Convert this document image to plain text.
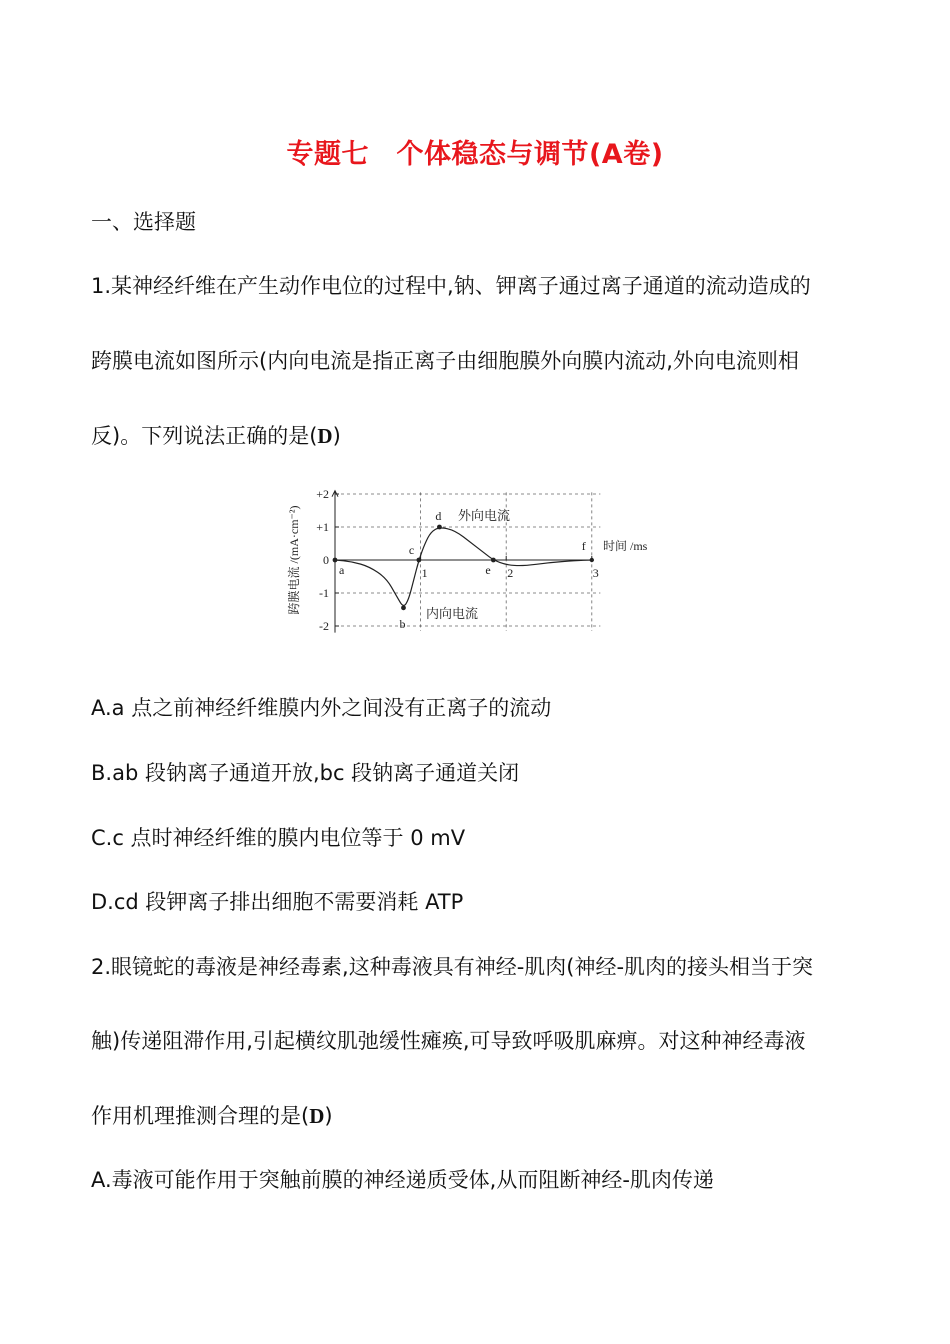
专题七　个体稳态与调节(A卷)
一、选择题
1.某神经纤维在产生动作电位的过程中,钠、钾离子通过离子通道的流动造成的
跨膜电流如图所示(内向电流是指正离子由细胞膜外向膜内流动,外向电流则相
反)。下列说法正确的是(D)
+2
+1
0
-1
-2
1	2	3
a
b
c
d
e
f 时间 /ms
跨膜电流 /(mA·cm⁻²)	外向电流
内向电流
A.a 点之前神经纤维膜内外之间没有正离子的流动
B.ab 段钠离子通道开放,bc 段钠离子通道关闭
C.c 点时神经纤维的膜内电位等于 0 mV
D.cd 段钾离子排出细胞不需要消耗 ATP
2.眼镜蛇的毒液是神经毒素,这种毒液具有神经-肌肉(神经-肌肉的接头相当于突
触)传递阻滞作用,引起横纹肌弛缓性瘫痪,可导致呼吸肌麻痹。对这种神经毒液
作用机理推测合理的是(D)
A.毒液可能作用于突触前膜的神经递质受体,从而阻断神经-肌肉传递
